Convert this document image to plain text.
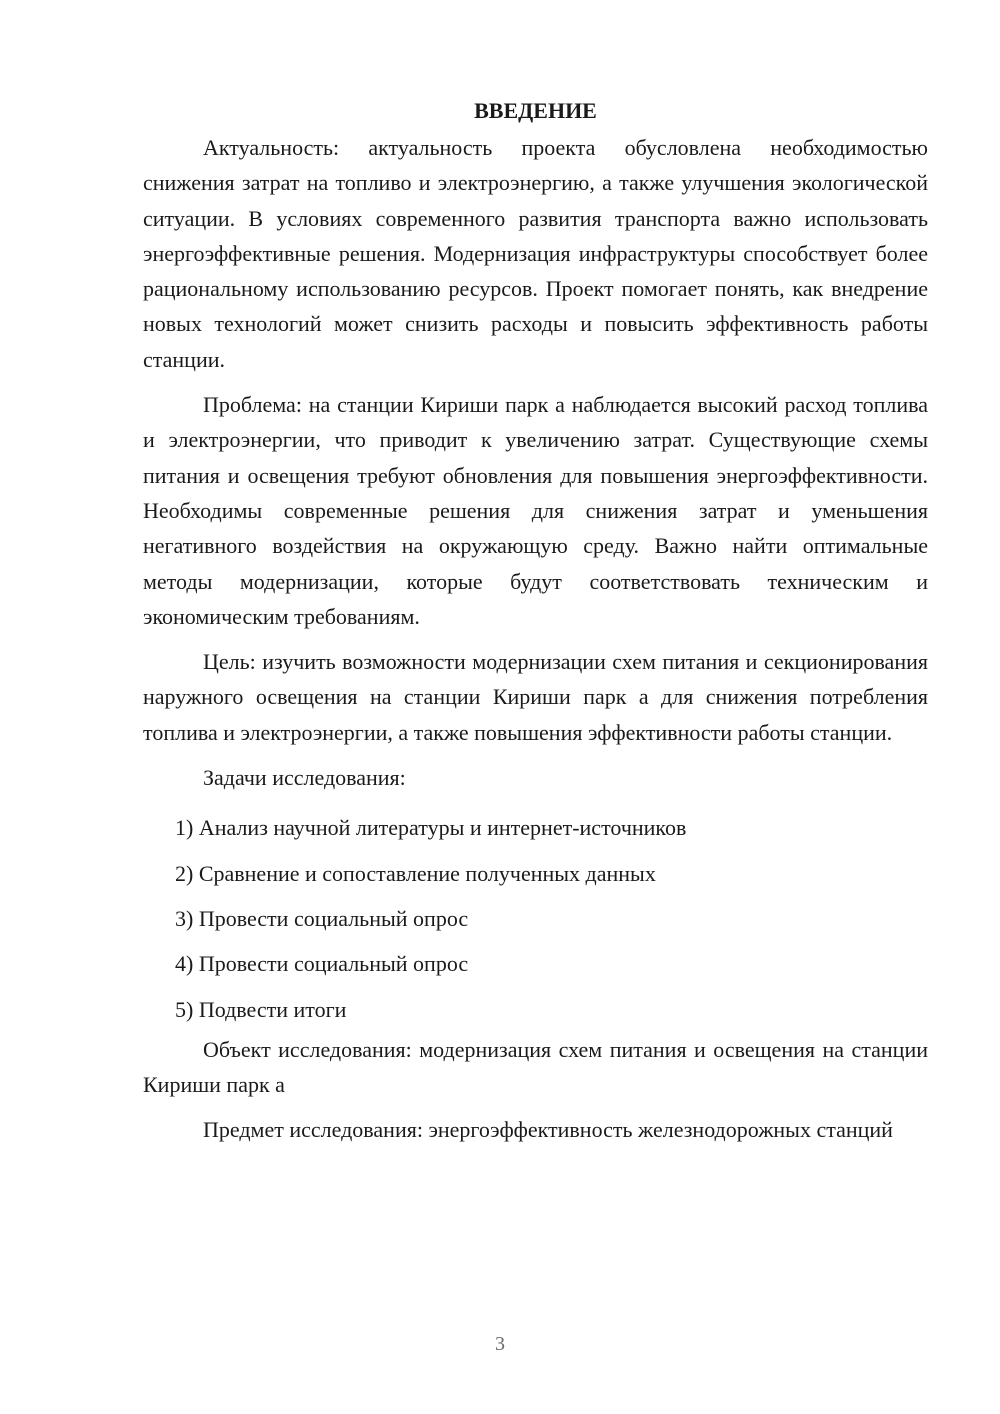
ВВЕДЕНИЕ

Актуальность: актуальность проекта обусловлена необходимостью снижения затрат на топливо и электроэнергию, а также улучшения экологической ситуации. В условиях современного развития транспорта важно использовать энергоэффективные решения. Модернизация инфраструктуры способствует более рациональному использованию ресурсов. Проект помогает понять, как внедрение новых технологий может снизить расходы и повысить эффективность работы станции.

Проблема: на станции Кириши парк а наблюдается высокий расход топлива и электроэнергии, что приводит к увеличению затрат. Существующие схемы питания и освещения требуют обновления для повышения энергоэффективности. Необходимы современные решения для снижения затрат и уменьшения негативного воздействия на окружающую среду. Важно найти оптимальные методы модернизации, которые будут соответствовать техническим и экономическим требованиям.

Цель: изучить возможности модернизации схем питания и секционирования наружного освещения на станции Кириши парк а для снижения потребления топлива и электроэнергии, а также повышения эффективности работы станции.

Задачи исследования:

1) Анализ научной литературы и интернет-источников

2) Сравнение и сопоставление полученных данных

3) Провести социальный опрос

4) Провести социальный опрос

5) Подвести итоги

Объект исследования: модернизация схем питания и освещения на станции Кириши парк а

Предмет исследования: энергоэффективность железнодорожных станций

3
